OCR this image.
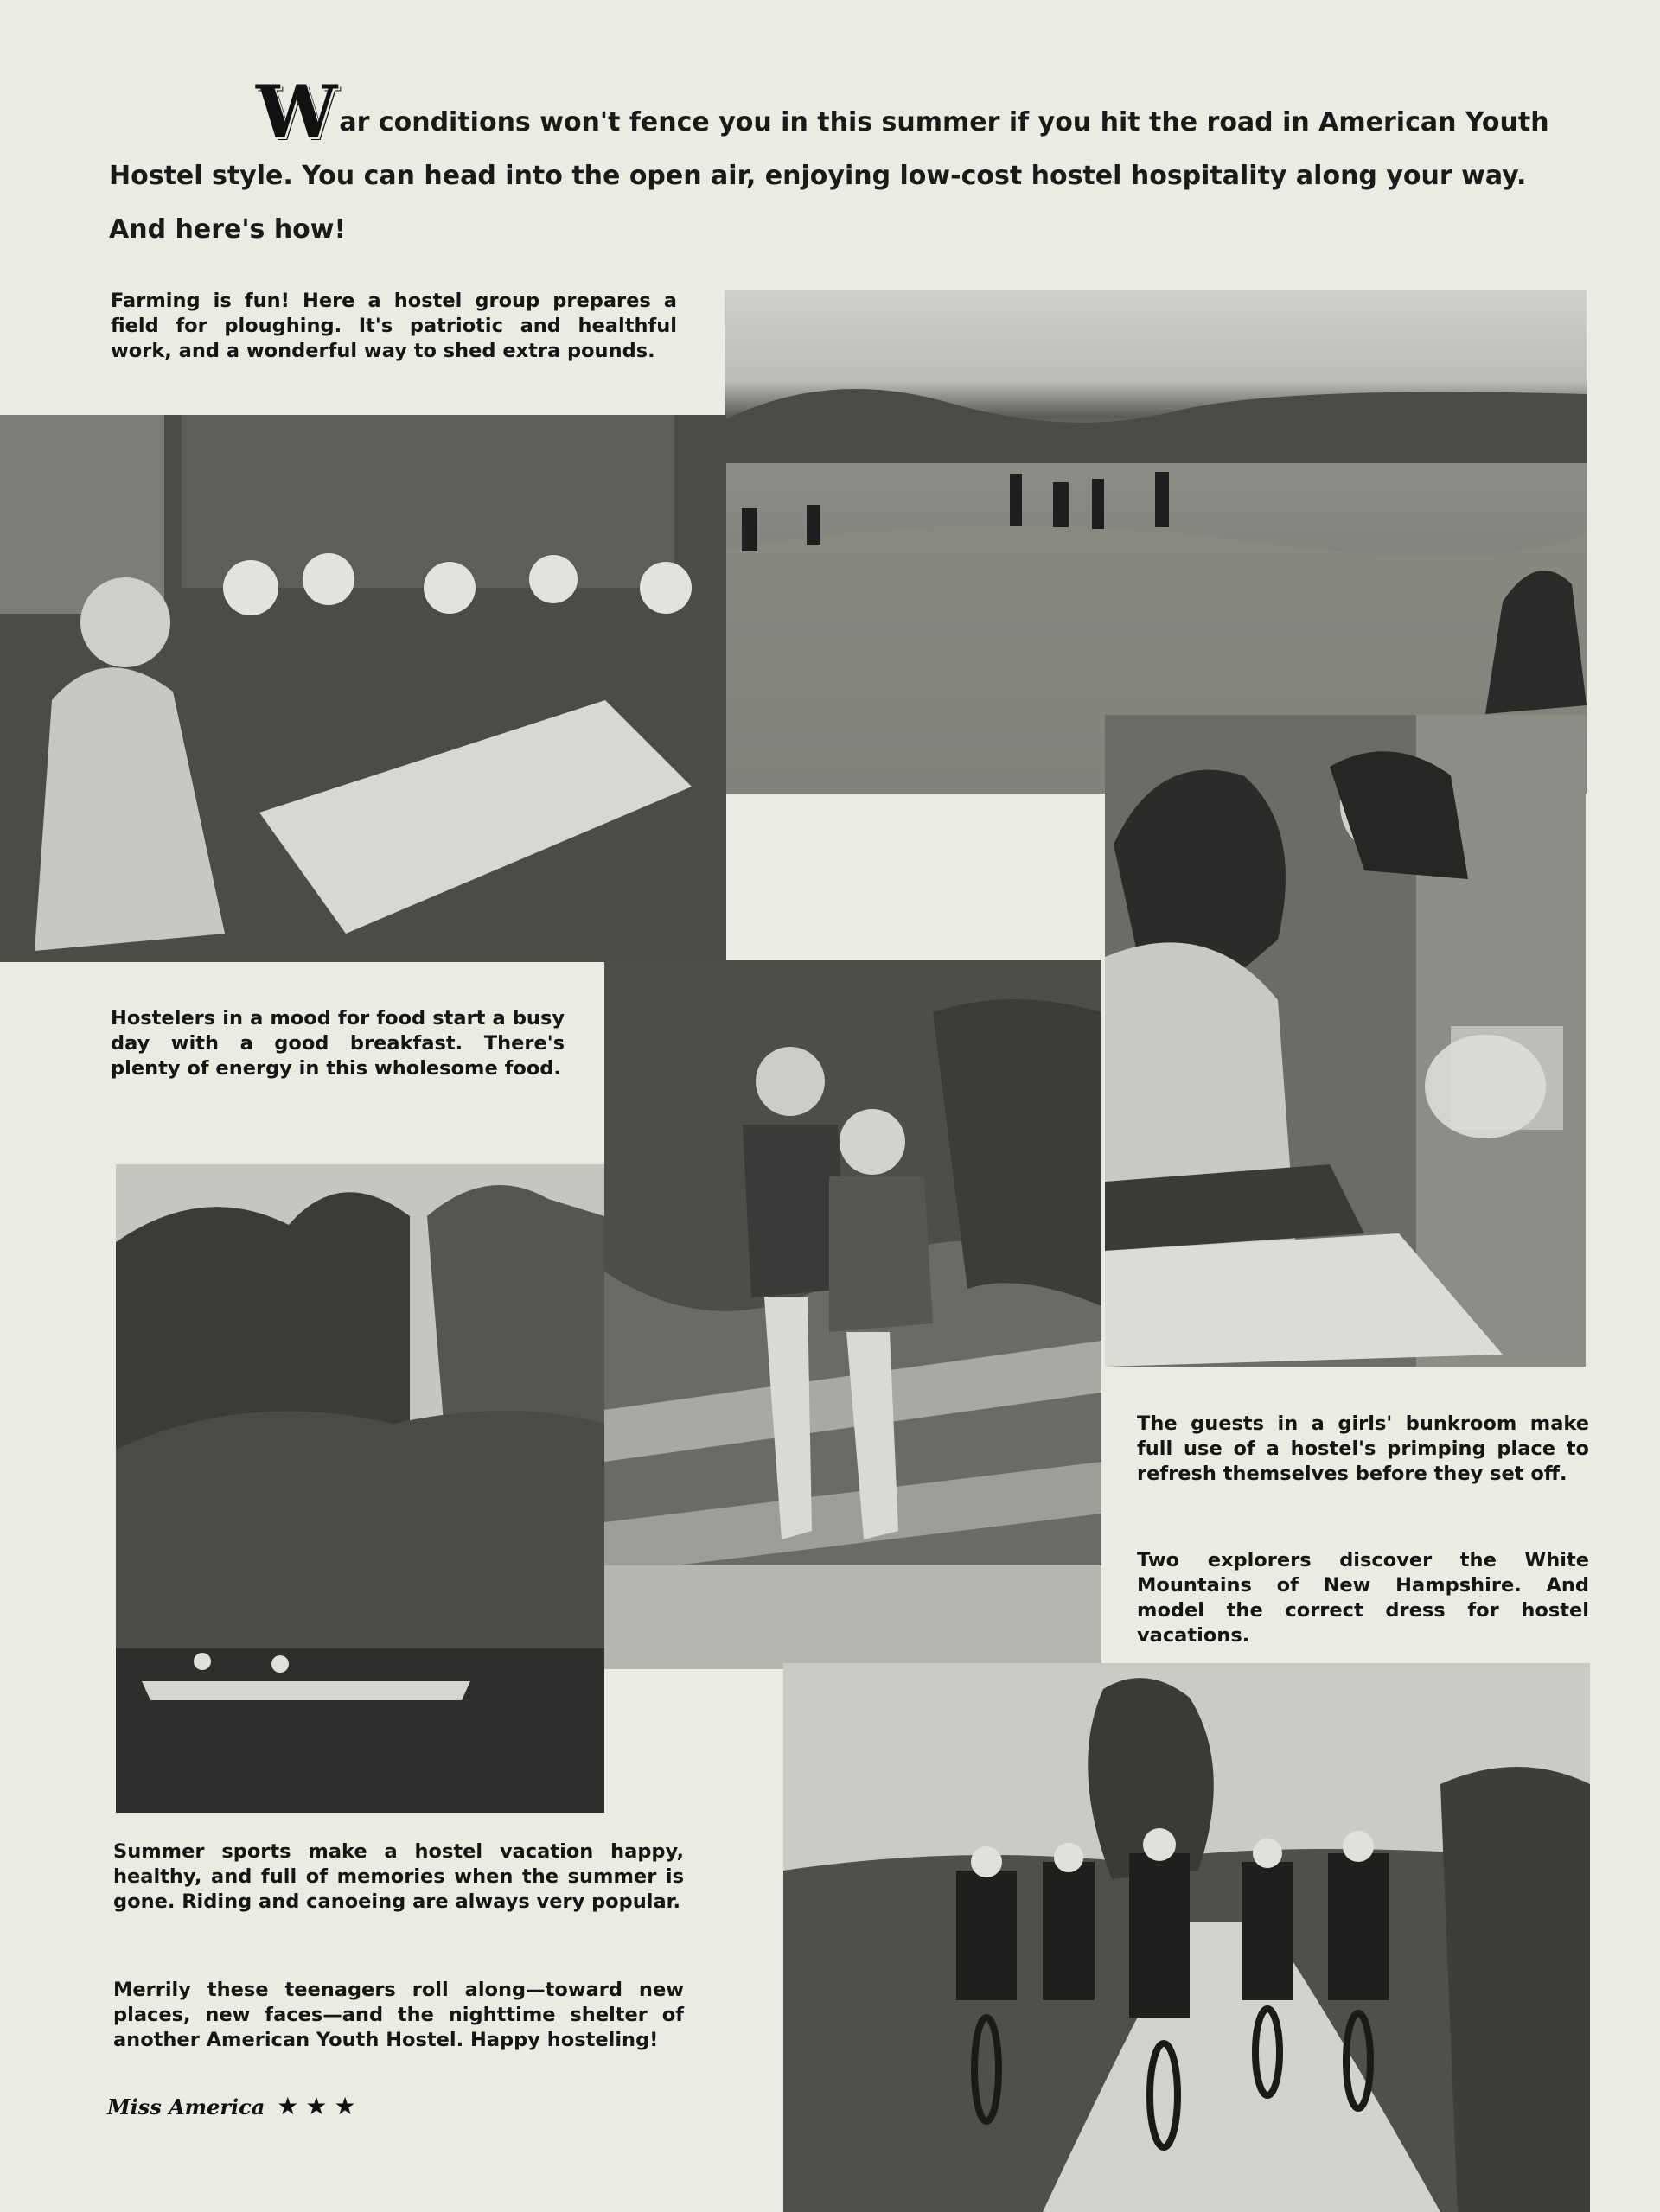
War conditions won't fence you in this summer if you hit the road in American Youth Hostel style. You can head into the open air, enjoying low-cost hostel hospitality along your way. And here's how!

Farming is fun! Here a hostel group prepares a field for ploughing. It's patriotic and healthful work, and a wonderful way to shed extra pounds.

Hostelers in a mood for food start a busy day with a good breakfast. There's plenty of energy in this wholesome food.

The guests in a girls' bunkroom make full use of a hostel's primping place to refresh themselves before they set off.

Two explorers discover the White Mountains of New Hampshire. And model the correct dress for hostel vacations.

Summer sports make a hostel vacation happy, healthy, and full of memories when the summer is gone. Riding and canoeing are always very popular.

Merrily these teenagers roll along—toward new places, new faces—and the nighttime shelter of another American Youth Hostel. Happy hosteling!

Miss America ★★★
